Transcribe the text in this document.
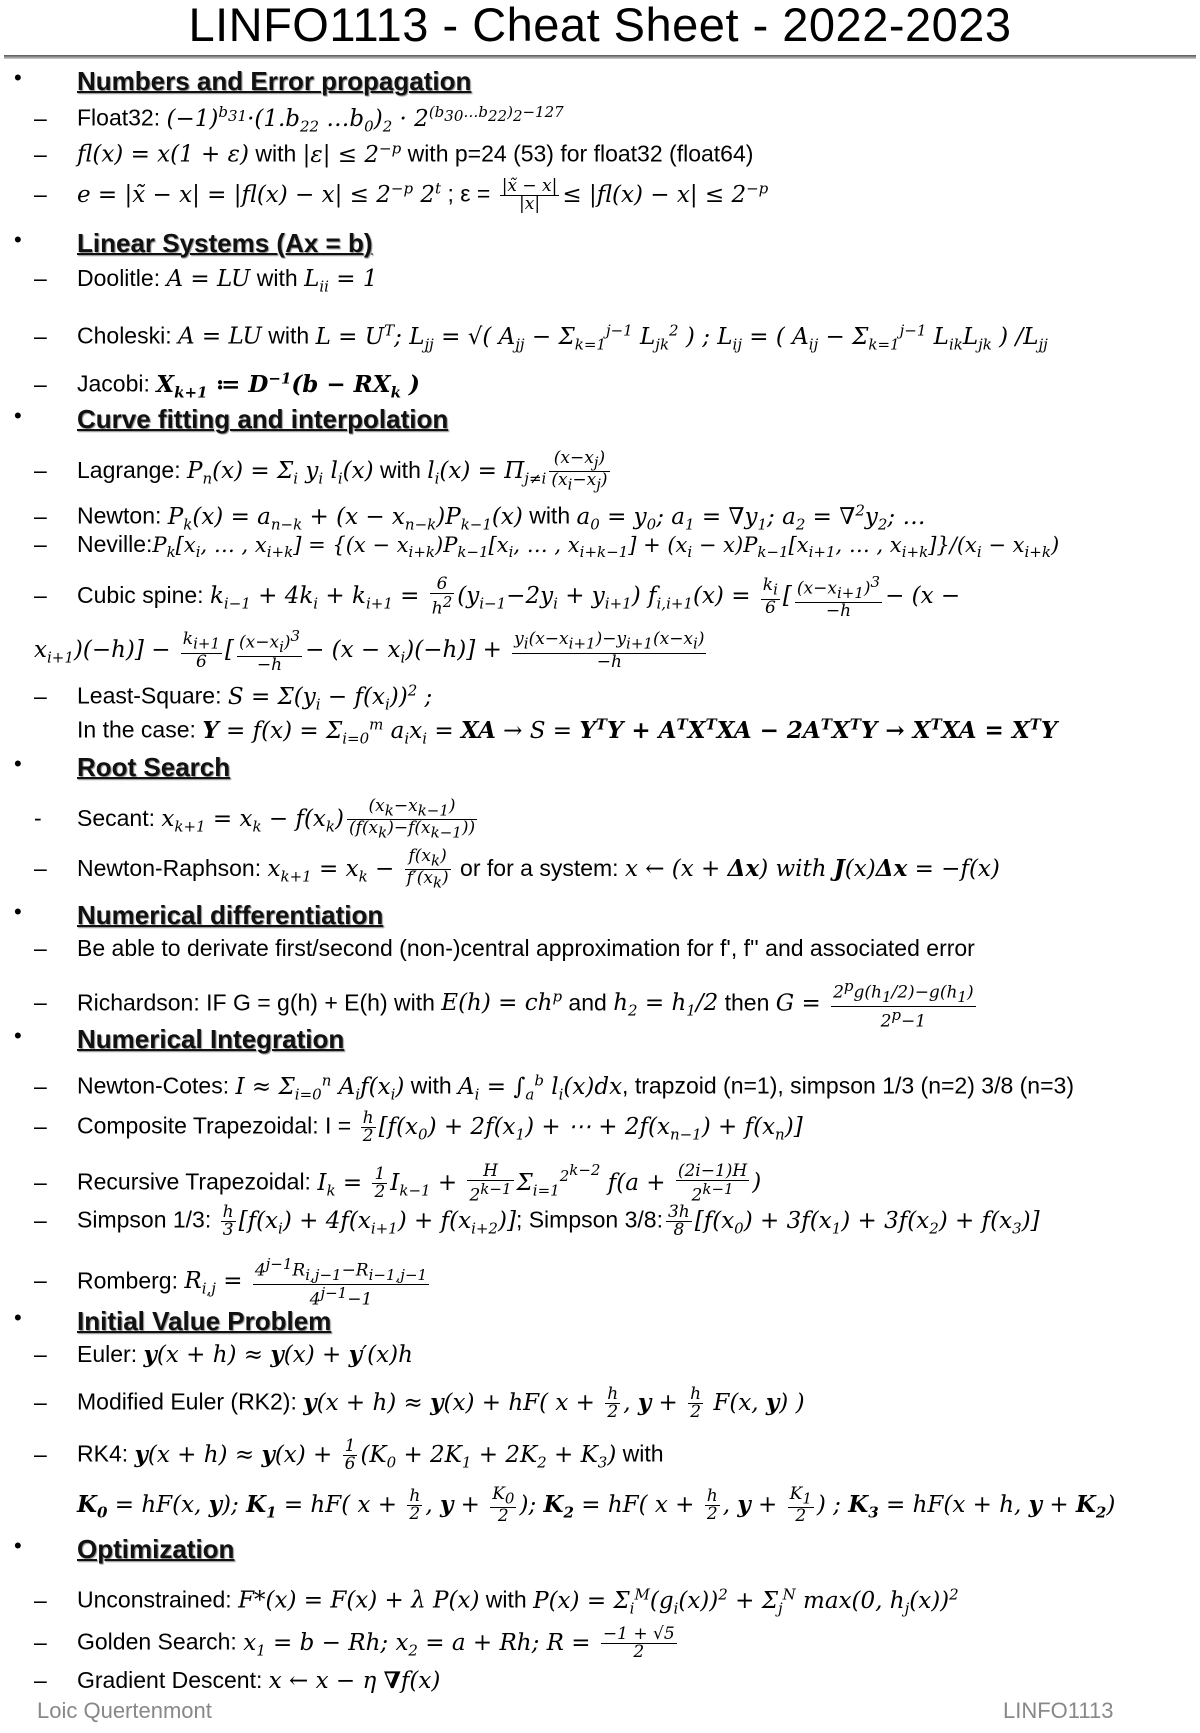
LINFO1113 - Cheat Sheet - 2022-2023
• Numbers and Error propagation
– Float32: $(-1)^{b_{31}}\cdot(1.b_{22}$ $\dots b_0)_2 \cdot 2^{(b_{30}\dots b_{22})_2-127}$
– fl(x) = x(1 + ε) with $|\varepsilon| \le 2^{-p}$ with p=24 (53) for float32 (float64)
– e = |x̃ − $x| = |fl(x) - x| \le 2^{-p}$ 2$^t$ ; $\varepsilon = \frac{|x̃ - x|}{|x|} \le |fl(x) - x| \le 2^{-p}$
• Linear Systems (Ax = b)
– Doolitle: A = LU with $L_{ii} = 1$
– Choleski: A = LU with $L = U^T$; $L_{jj}$ = √( $A_{jj} - \Sigma_{k=1}^{j-1}$ $L_{jk}^2$ ) ; $L_{ij}$ = ( $A_{ij} - \Sigma_{k=1}^{j-1}$ $L_{ik}L_{jk}$ ) $/L_{jj}$
– Jacobi: $X_{k+1}$ ≔ $D^{-1}(b - RX_k$ )
• Curve fitting and interpolation
– Lagrange: $P_n(x) = \Sigma_i$ $y_i$ $l_i(x)$ with $l_i(x) = \Pi_{j\ne i} \frac{(x-x_j)}{(x_i-x_j)}$
– Newton: $P_k(x) = a_{n-k} + (x - x_{n-k})P_{k-1}(x)$ with $a_0 = y_0$; $a_1 = \nabla y_1$; $a_2 = \nabla^2y_2$; …
– $Neville:P_k[x_i$, … , $x_{i+k}] = \{(x - x_{i+k})P_{k-1}[x_i$, … , $x_{i+k-1}] + (x_i - x)P_{k-1}[x_{i+1}$, … , $x_{i+k}]\}/(x_i - x_{i+k})$
– Cubic spine: $k_{i-1} + 4k_i + k_{i+1} = \frac{6}{h^2} (y_{i-1}-2y_i + y_{i+1}) f_{i,i+1}(x) = \frac{k_i}{6}$ [ $\frac{(x-x_{i+1})^3}{-h} - (x$ −
$x_{i+1})(-h)] - \frac{k_{i+1}}{6}$ [ $\frac{(x-x_i)^3}{-h} - (x - x_i)(-h)] + \frac{y_i(x-x_{i+1})-y_{i+1}(x-x_i)}{-h}$
– Least-Square: $S = \Sigma(y_i - f(x_i))^2$ ;
In the case: $Y = f(x) = \Sigma_{i=0}^m$ $a_ix_i$ = XA → $S = Y^TY + A^TX^TXA - 2A^TX^TY \to X^TXA = X^TY$
• Root Search
- Secant: $x_{k+1} = x_k - f(x_k) \frac{(x_k-x_{k-1})}{(f(x_k)-f(x_{k-1}))}$
– Newton-Raphson: $x_{k+1} = x_k - \frac{f(x_k)}{f'(x_k)}$ or for a system: x ← (x + Δx) with J(x)Δx = −f(x)
• Numerical differentiation
– Be able to derivate first/second (non-)central approximation for f', f'' and associated error
– Richardson: IF G = g(h) + E(h) with $E(h) = ch^p$ and $h_2 = h_1/2$ then $G = \frac{2^pg(h_1/2)-g(h_1)}{2^p-1}$
• Numerical Integration
– Newton-Cotes: $I \approx \Sigma_{i=0}^n$ $A_if(x_i)$ with $A_i = \int_a^b$ $l_i(x)dx$, trapzoid (n=1), simpson 1/3 (n=2) 3/8 (n=3)
– Composite Trapezoidal: $I = \frac{h}{2} [f(x_0) + 2f(x_1)$ + ⋯ + $2f(x_{n-1}) + f(x_n)$]
– Recursive Trapezoidal: $I_k = \frac{1}{2} I_{k-1} + \frac{H}{2^{k-1}} \Sigma_{i=1}^{2^{k-2}}$ $f(a + \frac{(2i-1)H}{2^{k-1}}$ )
– Simpson 1/3: $\frac{h}{3} [f(x_i) + 4f(x_{i+1}) + f(x_{i+2})]$; Simpson 3/8: $\frac{3h}{8} [f(x_0) + 3f(x_1) + 3f(x_2) + f(x_3)]$
– Romberg: $R_{i,j} = \frac{4^{j-1}R_{i,j-1}-R_{i-1,j-1}}{4^{j-1}-1}$
• Initial Value Problem
– Euler: y(x + h) ≈ y(x) + y′(x)h
– Modified Euler (RK2): y(x + h) ≈ y(x) + hF( $x + \frac{h}{2}$ , $y + \frac{h}{2} F(x$, y) )
– RK4: $y(x + h) \approx y(x) + \frac{1}{6} (K_0 + 2K_1 + 2K_2 + K_3)$ with
$K_0 = hF(x$, y); $K_1 = hF$( $x + \frac{h}{2}$ , $y + \frac{K_0}{2}$ ); $K_2 = hF$( $x + \frac{h}{2}$ , $y + \frac{K_1}{2}$ ) ; $K_3 = hF(x + h$, $y + K_2$)
• Optimization
– Unconstrained: F*(x) = F(x) + λ P(x) with $P(x) = \Sigma_i^M(g_i(x))^2 + \Sigma_j^N$ max(0, $h_j(x))^2$
– Golden Search: $x_1 = b - Rh$; $x_2 = a + Rh$; $R = \frac{-1 + √5}{2}$
– Gradient Descent: x ← x − η ∇f(x)
Loic Quertenmont	LINFO1113
